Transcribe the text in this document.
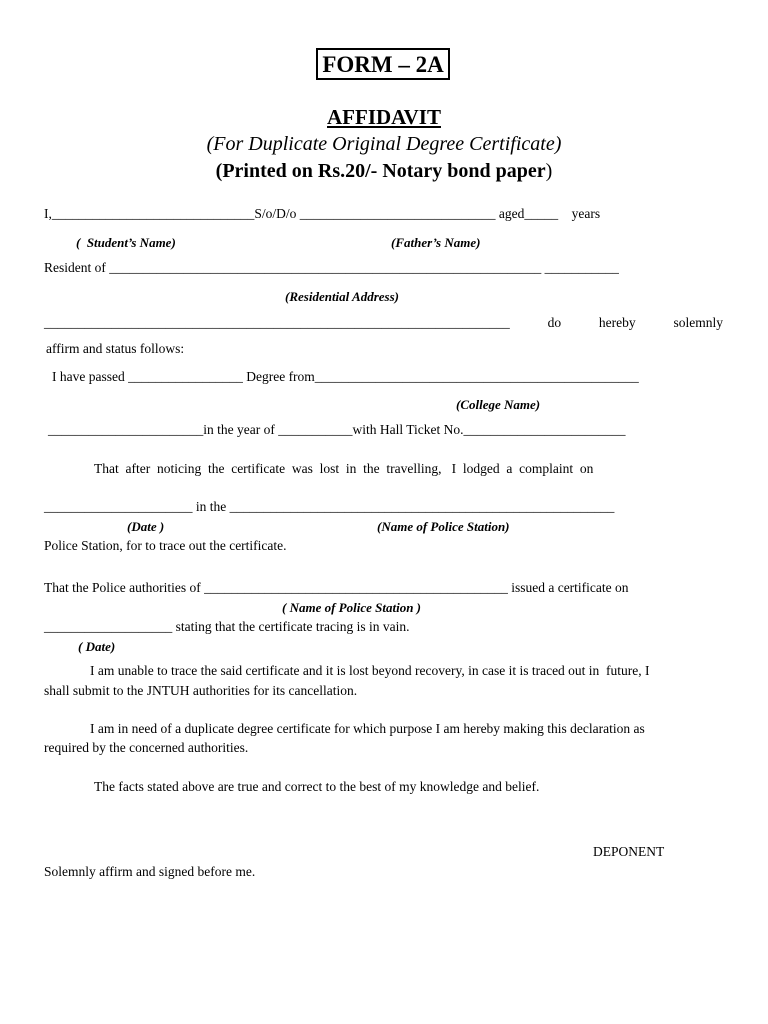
FORM – 2A
AFFIDAVIT
(For Duplicate Original Degree Certificate)
(Printed on Rs.20/- Notary bond paper)
I,______________________________S/o/D/o _____________________________ aged_____    years
(  Student’s Name)	(Father’s Name)
Resident of ________________________________________________________________ ___________
(Residential Address)
_____________________________________________________________________	do	hereby	solemnly
affirm and status follows:
I have passed _________________ Degree from________________________________________________
(College Name)
_______________________in the year of ___________with Hall Ticket No.________________________
That  after  noticing  the  certificate  was  lost  in  the  travelling,   I  lodged  a  complaint  on
______________________ in the _________________________________________________________
(Date )	(Name of Police Station)
Police Station, for to trace out the certificate.
That the Police authorities of _____________________________________________ issued a certificate on
( Name of Police Station )
___________________ stating that the certificate tracing is in vain.
( Date)
I am unable to trace the said certificate and it is lost beyond recovery, in case it is traced out in  future, I
shall submit to the JNTUH authorities for its cancellation.
I am in need of a duplicate degree certificate for which purpose I am hereby making this declaration as
required by the concerned authorities.
The facts stated above are true and correct to the best of my knowledge and belief.
DEPONENT
Solemnly affirm and signed before me.
